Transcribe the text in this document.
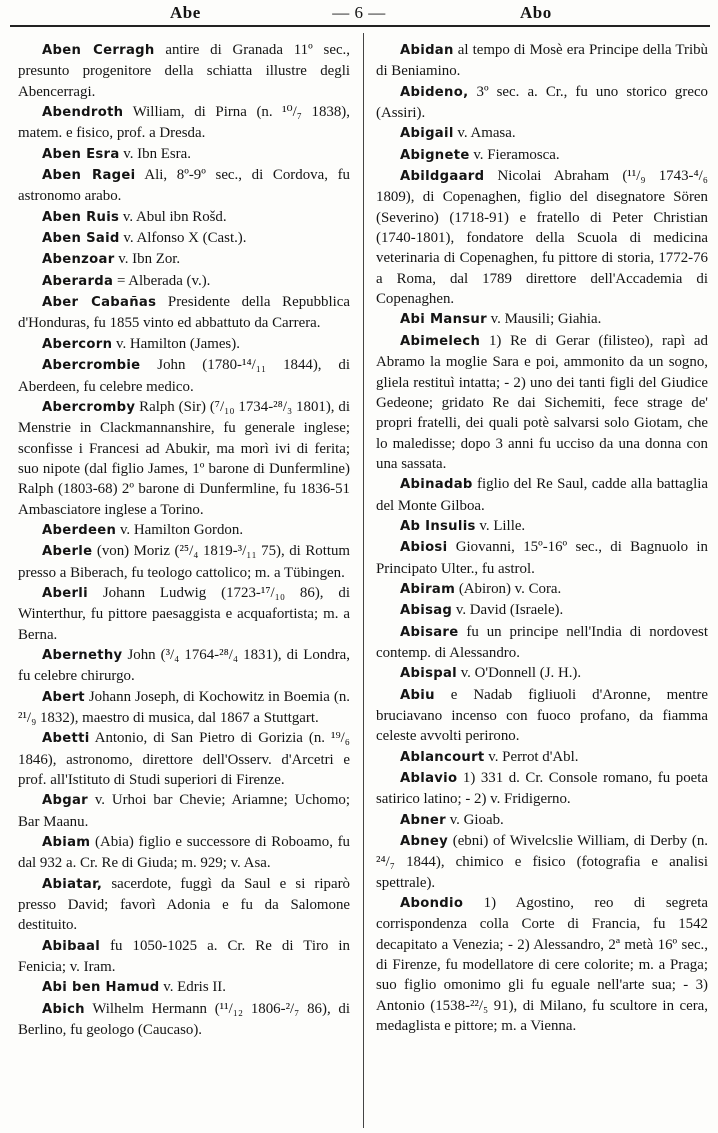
Abe	— 6 —	Abo

Aben Cerragh antire di Granada 11º sec., presunto progenitore della schiatta illustre degli Abencerragi.

Abendroth William, di Pirna (n. ¹⁰/₇ 1838), matem. e fisico, prof. a Dresda.

Aben Esra v. Ibn Esra.

Aben Ragei Ali, 8º-9º sec., di Cordova, fu astronomo arabo.

Aben Ruis v. Abul ibn Rošd.

Aben Said v. Alfonso X (Cast.).

Abenzoar v. Ibn Zor.

Aberarda = Alberada (v.).

Aber Cabañas Presidente della Repubblica d'Honduras, fu 1855 vinto ed abbattuto da Carrera.

Abercorn v. Hamilton (James).

Abercrombie John (1780-¹⁴/₁₁ 1844), di Aberdeen, fu celebre medico.

Abercromby Ralph (Sir) (⁷/₁₀ 1734-²⁸/₃ 1801), di Menstrie in Clackmannanshire, fu generale inglese; sconfisse i Francesi ad Abukir, ma morì ivi di ferita; suo nipote (dal figlio James, 1º barone di Dunfermline) Ralph (1803-68) 2º barone di Dunfermline, fu 1836-51 Ambasciatore inglese a Torino.

Aberdeen v. Hamilton Gordon.

Aberle (von) Moriz (²⁵/₄ 1819-³/₁₁ 75), di Rottum presso a Biberach, fu teologo cattolico; m. a Tübingen.

Aberli Johann Ludwig (1723-¹⁷/₁₀ 86), di Winterthur, fu pittore paesaggista e acquafortista; m. a Berna.

Abernethy John (³/₄ 1764-²⁸/₄ 1831), di Londra, fu celebre chirurgo.

Abert Johann Joseph, di Kochowitz in Boemia (n. ²¹/₉ 1832), maestro di musica, dal 1867 a Stuttgart.

Abetti Antonio, di San Pietro di Gorizia (n. ¹⁹/₆ 1846), astronomo, direttore dell'Osserv. d'Arcetri e prof. all'Istituto di Studi superiori di Firenze.

Abgar v. Urhoi bar Chevie; Ariamne; Uchomo; Bar Maanu.

Abiam (Abia) figlio e successore di Roboamo, fu dal 932 a. Cr. Re di Giuda; m. 929; v. Asa.

Abiatar, sacerdote, fuggì da Saul e si riparò presso David; favorì Adonia e fu da Salomone destituito.

Abibaal fu 1050-1025 a. Cr. Re di Tiro in Fenicia; v. Iram.

Abi ben Hamud v. Edris II.

Abich Wilhelm Hermann (¹¹/₁₂ 1806-²/₇ 86), di Berlino, fu geologo (Caucaso).

Abidan al tempo di Mosè era Principe della Tribù di Beniamino.

Abideno, 3º sec. a. Cr., fu uno storico greco (Assiri).

Abigail v. Amasa.

Abignete v. Fieramosca.

Abildgaard Nicolai Abraham (¹¹/₉ 1743-⁴/₆ 1809), di Copenaghen, figlio del disegnatore Sören (Severino) (1718-91) e fratello di Peter Christian (1740-1801), fondatore della Scuola di medicina veterinaria di Copenaghen, fu pittore di storia, 1772-76 a Roma, dal 1789 direttore dell'Accademia di Copenaghen.

Abi Mansur v. Mausili; Giahia.

Abimelech 1) Re di Gerar (filisteo), rapì ad Abramo la moglie Sara e poi, ammonito da un sogno, gliela restituì intatta; - 2) uno dei tanti figli del Giudice Gedeone; gridato Re dai Sichemiti, fece strage de' propri fratelli, dei quali potè salvarsi solo Giotam, che lo maledisse; dopo 3 anni fu ucciso da una donna con una sassata.

Abinadab figlio del Re Saul, cadde alla battaglia del Monte Gilboa.

Ab Insulis v. Lille.

Abiosi Giovanni, 15º-16º sec., di Bagnuolo in Principato Ulter., fu astrol.

Abiram (Abiron) v. Cora.

Abisag v. David (Israele).

Abisare fu un principe nell'India di nordovest contemp. di Alessandro.

Abispal v. O'Donnell (J. H.).

Abiu e Nadab figliuoli d'Aronne, mentre bruciavano incenso con fuoco profano, da fiamma celeste avvolti perirono.

Ablancourt v. Perrot d'Abl.

Ablavio 1) 331 d. Cr. Console romano, fu poeta satirico latino; - 2) v. Fridigerno.

Abner v. Gioab.

Abney (ebni) of Wivelcslie William, di Derby (n. ²⁴/₇ 1844), chimico e fisico (fotografia e analisi spettrale).

Abondio 1) Agostino, reo di segreta corrispondenza colla Corte di Francia, fu 1542 decapitato a Venezia; - 2) Alessandro, 2ª metà 16º sec., di Firenze, fu modellatore di cere colorite; m. a Praga; suo figlio omonimo gli fu eguale nell'arte sua; - 3) Antonio (1538-²²/₅ 91), di Milano, fu scultore in cera, medaglista e pittore; m. a Vienna.
